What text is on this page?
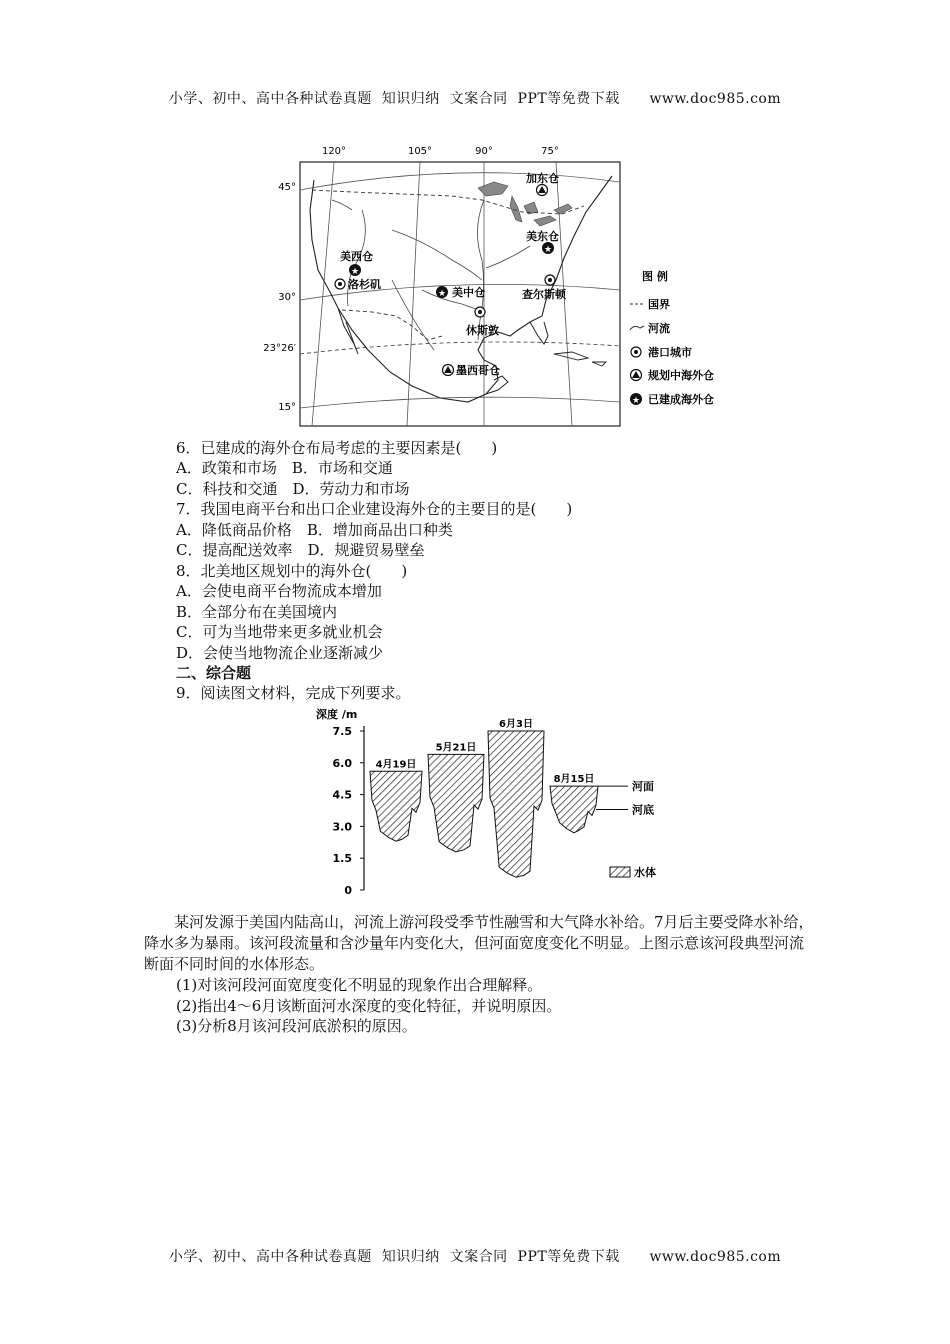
小学、初中、高中各种试卷真题  知识归纳  文案合同  PPT等免费下载      www.doc985.com
120°	105°	90°	75°
45°
30°
23°26′
15°
加东仓
★
美东仓
★
美西仓
洛杉矶
★ 美中仓	查尔斯顿
休斯敦
墨西哥仓
图 例
国界
河流
港口城市
规划中海外仓
★ 已建成海外仓
6．已建成的海外仓布局考虑的主要因素是(　　)
A．政策和市场　B．市场和交通
C．科技和交通　D．劳动力和市场
7．我国电商平台和出口企业建设海外仓的主要目的是(　　)
A．降低商品价格　B．增加商品出口种类
C．提高配送效率　D．规避贸易壁垒
8．北美地区规划中的海外仓(　　)
A．会使电商平台物流成本增加
B．全部分布在美国境内
C．可为当地带来更多就业机会
D．会使当地物流企业逐渐减少
二、综合题
9．阅读图文材料，完成下列要求。
深度 /m
7.5
6.0
4.5
3.0
1.5
0
4月19日
5月21日
6月3日
8月15日
河面
河底
水体

某河发源于美国内陆高山，河流上游河段受季节性融雪和大气降水补给。7月后主要受降水补给，降水多为暴雨。该河段流量和含沙量年内变化大，但河面宽度变化不明显。上图示意该河段典型河流断面不同时间的水体形态。

(1)对该河段河面宽度变化不明显的现象作出合理解释。
(2)指出4～6月该断面河水深度的变化特征，并说明原因。
(3)分析8月该河段河底淤积的原因。
小学、初中、高中各种试卷真题  知识归纳  文案合同  PPT等免费下载      www.doc985.com
